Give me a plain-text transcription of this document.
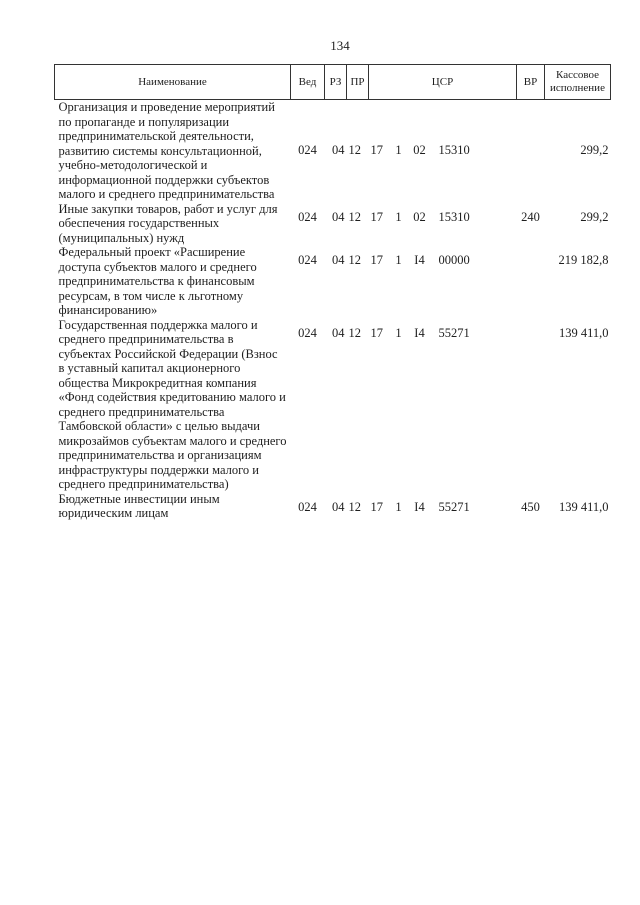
134
Наименование	Вед	РЗ	ПР	ЦСР	ВР	Кассовое исполнение
Организация и проведение мероприятий по пропаганде и популяризации предпринимательской деятельности, развитию системы консультационной, учебно-методологической и информационной поддержки субъектов малого и среднего предпринимательства	024	04	12	17 1 02 15310		299,2
Иные закупки товаров, работ и услуг для обеспечения государственных (муниципальных) нужд	024	04	12	17 1 02 15310	240	299,2
Федеральный проект «Расширение доступа субъектов малого и среднего предпринимательства к финансовым ресурсам, в том числе к льготному финансированию»	024	04	12	17 1 I4 00000		219 182,8
Государственная поддержка малого и среднего предпринимательства в субъектах Российской Федерации (Взнос в уставный капитал акционерного общества Микрокредитная компания «Фонд содействия кредитованию малого и среднего предпринимательства Тамбовской области» с целью выдачи микрозаймов субъектам малого и среднего предпринимательства и организациям инфраструктуры поддержки малого и среднего предпринимательства)	024	04	12	17 1 I4 55271		139 411,0
Бюджетные инвестиции иным юридическим лицам	024	04	12	17 1 I4 55271	450	139 411,0
